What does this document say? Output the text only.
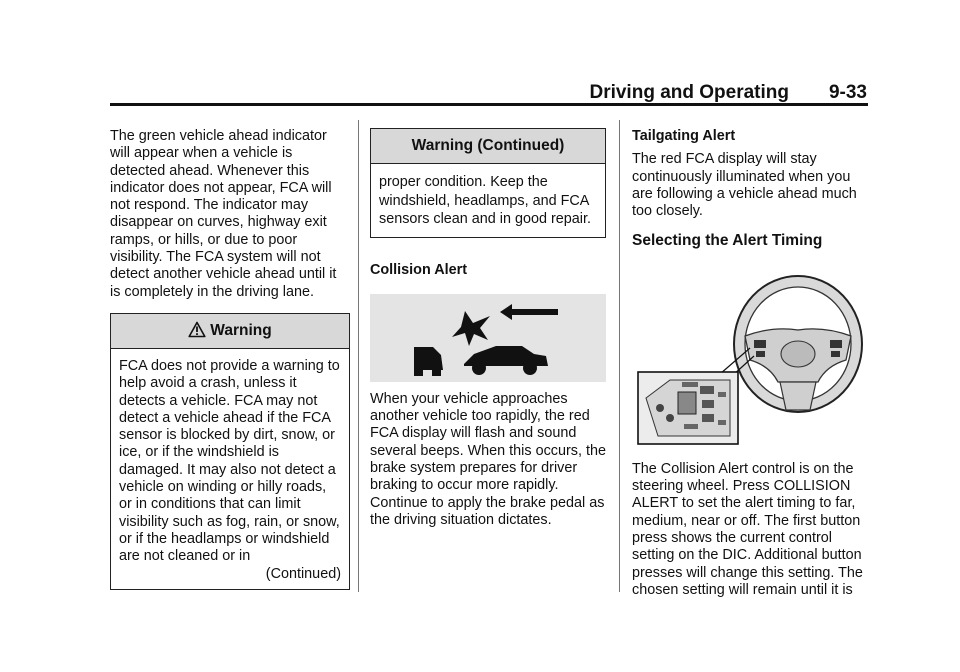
Driving and Operating 9-33

The green vehicle ahead indicator will appear when a vehicle is detected ahead. Whenever this indicator does not appear, FCA will not respond. The indicator may disappear on curves, highway exit ramps, or hills, or due to poor visibility. The FCA system will not detect another vehicle ahead until it is completely in the driving lane.

Warning

FCA does not provide a warning to help avoid a crash, unless it detects a vehicle. FCA may not detect a vehicle ahead if the FCA sensor is blocked by dirt, snow, or ice, or if the windshield is damaged. It may also not detect a vehicle on winding or hilly roads, or in conditions that can limit visibility such as fog, rain, or snow, or if the headlamps or windshield are not cleaned or in

(Continued)

Warning (Continued)

proper condition. Keep the windshield, headlamps, and FCA sensors clean and in good repair.

Collision Alert

When your vehicle approaches another vehicle too rapidly, the red FCA display will flash and sound several beeps. When this occurs, the brake system prepares for driver braking to occur more rapidly. Continue to apply the brake pedal as the driving situation dictates.

Tailgating Alert

The red FCA display will stay continuously illuminated when you are following a vehicle ahead much too closely.

Selecting the Alert Timing

The Collision Alert control is on the steering wheel. Press COLLISION ALERT to set the alert timing to far, medium, near or off. The first button press shows the current control setting on the DIC. Additional button presses will change this setting. The chosen setting will remain until it is
